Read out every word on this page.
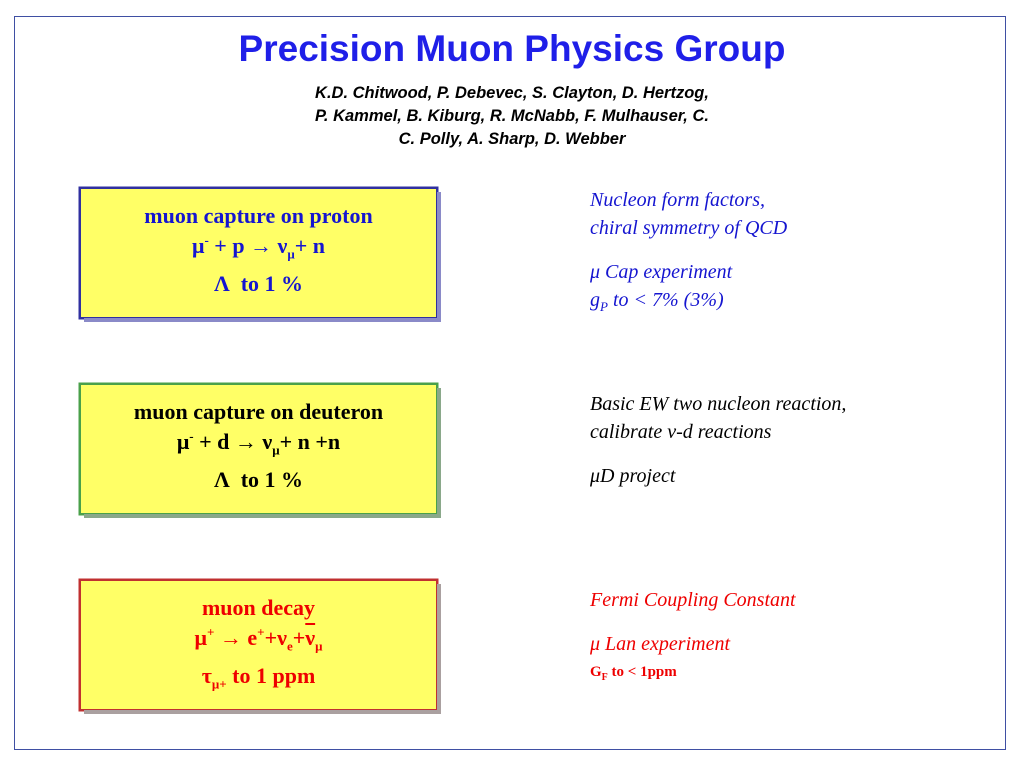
Precision Muon Physics Group
K.D. Chitwood, P. Debevec, S. Clayton, D. Hertzog,
P. Kammel, B. Kiburg, R. McNabb, F. Mulhauser, C.
C. Polly, A. Sharp, D. Webber
muon capture on proton
$\mu^- + p \to \nu_\mu+ n$
Λ  to 1 %
muon capture on deuteron
$\mu^- + d \to \nu_\mu+ n +n$
Λ  to 1 %
muon decay
$\mu^+ \to e^++\nu_e+\overline{\nu}_\mu$
$\tau_{\mu+}$ to 1 ppm

Nucleon form factors,

chiral symmetry of QCD

μ Cap experiment

$g_P$ to < 7% (3%)

Basic EW two nucleon reaction,

calibrate ν-d reactions

μD project

Fermi Coupling Constant

μ Lan experiment

$G_F$ to < 1ppm
